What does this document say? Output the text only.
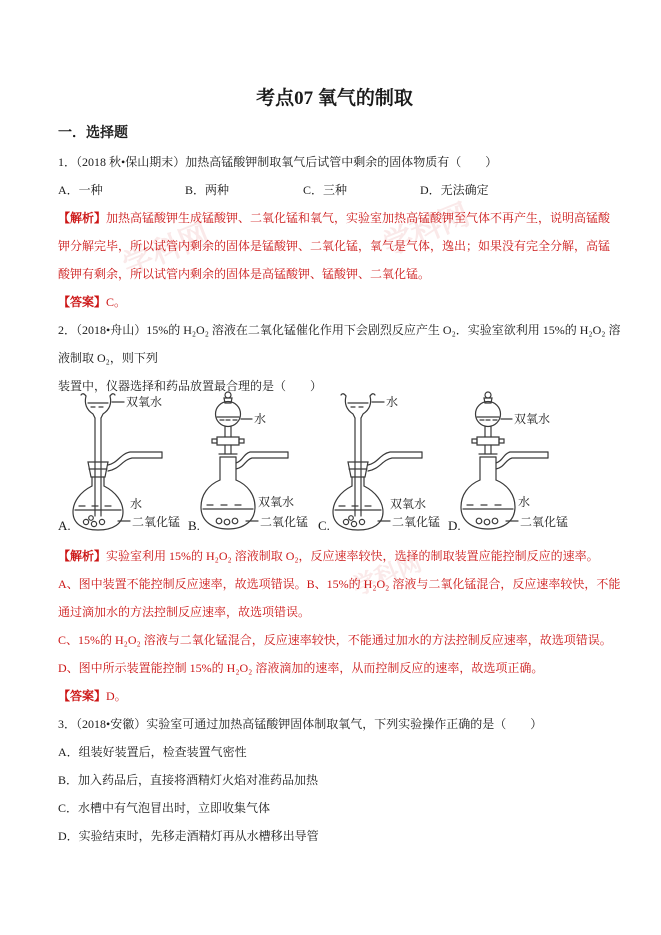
学科网	学科网
学科网
考点07 氧气的制取
一．选择题
1．（2018 秋•保山期末）加热高锰酸钾制取氧气后试管中剩余的固体物质有（　　）
A．一种	B．两种	C．三种	D．无法确定
【解析】加热高锰酸钾生成锰酸钾、二氧化锰和氧气，实验室加热高锰酸钾至气体不再产生，说明高锰酸
钾分解完毕，所以试管内剩余的固体是锰酸钾、二氧化锰，氧气是气体，逸出；如果没有完全分解，高锰
酸钾有剩余，所以试管内剩余的固体是高锰酸钾、锰酸钾、二氧化锰。
【答案】C。
2．（2018•舟山）15%的 H₂O₂ 溶液在二氧化锰催化作用下会剧烈反应产生 O₂．实验室欲利用 15%的 H₂O₂ 溶
液制取 O₂，则下列
装置中，仪器选择和药品放置最合理的是（　　）
双氧水
水
二氧化锰
A.
水
双氧水
二氧化锰
B.
水
双氧水
二氧化锰
C.
双氧水
水
二氧化锰
D.
【解析】实验室利用 15%的 H₂O₂ 溶液制取 O₂，反应速率较快，选择的制取装置应能控制反应的速率。
A、图中装置不能控制反应速率，故选项错误。B、15%的 H₂O₂ 溶液与二氧化锰混合，反应速率较快，不能
通过滴加水的方法控制反应速率，故选项错误。
C、15%的 H₂O₂ 溶液与二氧化锰混合，反应速率较快，不能通过加水的方法控制反应速率，故选项错误。
D、图中所示装置能控制 15%的 H₂O₂ 溶液滴加的速率，从而控制反应的速率，故选项正确。
【答案】D。
3．（2018•安徽）实验室可通过加热高锰酸钾固体制取氧气，下列实验操作正确的是（　　）
A．组装好装置后，检查装置气密性
B．加入药品后，直接将酒精灯火焰对准药品加热
C．水槽中有气泡冒出时，立即收集气体
D．实验结束时，先移走酒精灯再从水槽移出导管
